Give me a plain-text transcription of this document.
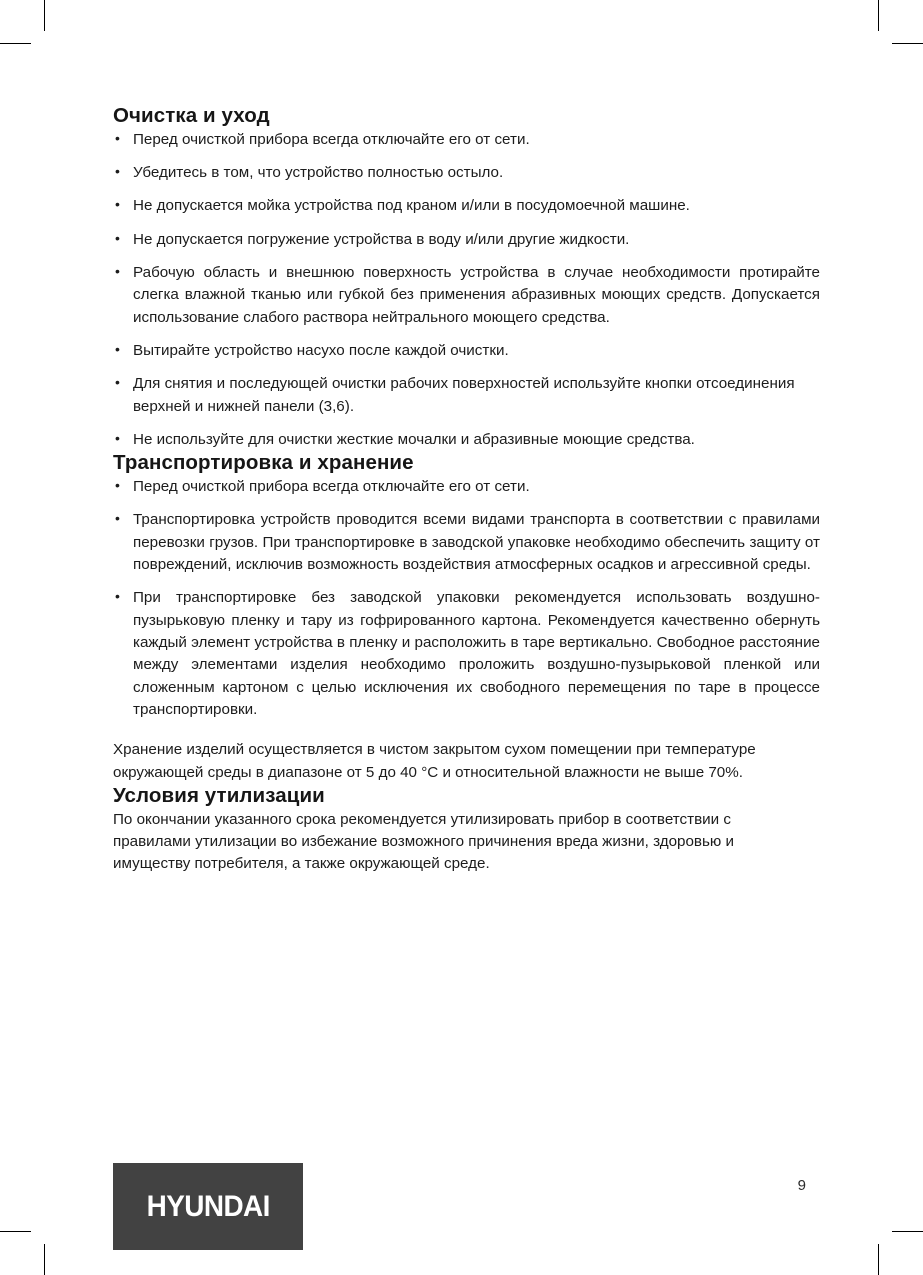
Очистка и уход
• Перед очисткой прибора всегда отключайте его от сети.
• Убедитесь в том, что устройство полностью остыло.
• Не допускается мойка устройства под краном и/или в посудомоечной машине.
• Не допускается погружение устройства в воду и/или другие жидкости.
• Рабочую область и внешнюю поверхность устройства в случае необходимости протирайте слегка влажной тканью или губкой без применения абразивных моющих средств. Допускается использование слабого раствора нейтрального моющего средства.
• Вытирайте устройство насухо после каждой очистки.
• Для снятия и последующей очистки рабочих поверхностей используйте кнопки отсоединения верхней и нижней панели (3,6).
• Не используйте для очистки жесткие мочалки и абразивные моющие средства.
Транспортировка и хранение
• Перед очисткой прибора всегда отключайте его от сети.
• Транспортировка устройств проводится всеми видами транспорта в соответствии с правилами перевозки грузов. При транспортировке в заводской упаковке необходимо обеспечить защиту от повреждений, исключив возможность воздействия атмосферных осадков и агрессивной среды.
• При транспортировке без заводской упаковки рекомендуется использовать воздушно-пузырьковую пленку и тару из гофрированного картона. Рекомендуется качественно обернуть каждый элемент устройства в пленку и расположить в таре вертикально. Свободное расстояние между элементами изделия необходимо проложить воздушно-пузырьковой пленкой или сложенным картоном с целью исключения их свободного перемещения по таре в процессе транспортировки.

Хранение изделий осуществляется в чистом закрытом сухом помещении при температуре окружающей среды в диапазоне от 5 до 40 °C и относительной влажности не выше 70%.

Условия утилизации

По окончании указанного срока рекомендуется утилизировать прибор в соответствии с правилами утилизации во избежание возможного причинения вреда жизни, здоровью и имуществу потребителя, а также окружающей среде.

HYUNDAI
9
